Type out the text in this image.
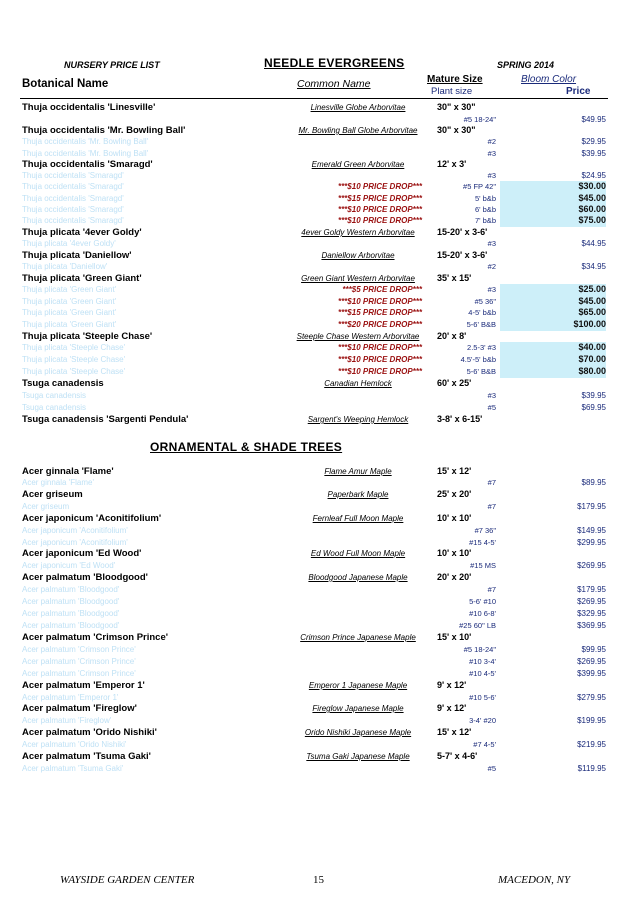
NURSERY PRICE LIST	NEEDLE EVERGREENS	SPRING 2014
Botanical Name	Common Name	Mature Size	Bloom Color
Plant size	Price
Thuja occidentalis 'Linesville'	Linesville Globe Arborvitae	30" x 30"
#5 18-24"	$49.95
Thuja occidentalis 'Mr. Bowling Ball'	Mr. Bowling Ball Globe Arborvitae	30" x 30"
Thuja occidentalis 'Mr. Bowling Ball'	#2	$29.95
Thuja occidentalis 'Mr. Bowling Ball'	#3	$39.95
Thuja occidentalis 'Smaragd'	Emerald Green Arborvitae	12' x 3'
Thuja occidentalis 'Smaragd'	#3	$24.95
Thuja occidentalis 'Smaragd'	***$10 PRICE DROP***	#5 FP 42"	$30.00
Thuja occidentalis 'Smaragd'	***$15 PRICE DROP***	5' b&b	$45.00
Thuja occidentalis 'Smaragd'	***$10 PRICE DROP***	6' b&b	$60.00
Thuja occidentalis 'Smaragd'	***$10 PRICE DROP***	7' b&b	$75.00
Thuja plicata '4ever Goldy'	4ever Goldy Western Arborvitae	15-20' x 3-6'
Thuja plicata '4ever Goldy'	#3	$44.95
Thuja plicata 'Daniellow'	Daniellow Arborvitae	15-20' x 3-6'
Thuja plicata 'Daniellow'	#2	$34.95
Thuja plicata 'Green Giant'	Green Giant Western Arborvitae	35' x 15'
Thuja plicata 'Green Giant'	***$5 PRICE DROP***	#3	$25.00
Thuja plicata 'Green Giant'	***$10 PRICE DROP***	#5 36"	$45.00
Thuja plicata 'Green Giant'	***$15 PRICE DROP***	4-5' b&b	$65.00
Thuja plicata 'Green Giant'	***$20 PRICE DROP***	5-6' B&B	$100.00
Thuja plicata 'Steeple Chase'	Steeple Chase Western Arborvitae	20' x 8'
Thuja plicata 'Steeple Chase'	***$10 PRICE DROP***	2.5-3' #3	$40.00
Thuja plicata 'Steeple Chase'	***$10 PRICE DROP***	4.5'-5' b&b	$70.00
Thuja plicata 'Steeple Chase'	***$10 PRICE DROP***	5-6' B&B	$80.00
Tsuga canadensis	Canadian Hemlock	60' x 25'
Tsuga canadensis	#3	$39.95
Tsuga canadensis	#5	$69.95
Tsuga canadensis 'Sargenti Pendula'	Sargent's Weeping Hemlock	3-8' x 6-15'
Acer ginnala 'Flame'	Flame Amur Maple	15' x 12'
Acer ginnala 'Flame'	#7	$89.95
Acer griseum	Paperbark Maple	25' x 20'
Acer griseum	#7	$179.95
Acer japonicum 'Aconitifolium'	Fernleaf Full Moon Maple	10' x 10'
Acer japonicum 'Aconitifolium'	#7 36"	$149.95
Acer japonicum 'Aconitifolium'	#15 4-5'	$299.95
Acer japonicum 'Ed Wood'	Ed Wood Full Moon Maple	10' x 10'
Acer japonicum 'Ed Wood'	#15 MS	$269.95
Acer palmatum 'Bloodgood'	Bloodgood Japanese Maple	20' x 20'
Acer palmatum 'Bloodgood'	#7	$179.95
Acer palmatum 'Bloodgood'	5-6' #10	$269.95
Acer palmatum 'Bloodgood'	#10 6-8'	$329.95
Acer palmatum 'Bloodgood'	#25 60" LB	$369.95
Acer palmatum 'Crimson Prince'	Crimson Prince Japanese Maple	15' x 10'
Acer palmatum 'Crimson Prince'	#5 18-24"	$99.95
Acer palmatum 'Crimson Prince'	#10 3-4'	$269.95
Acer palmatum 'Crimson Prince'	#10 4-5'	$399.95
Acer palmatum 'Emperor 1'	Emperor 1 Japanese Maple	9' x 12'
Acer palmatum 'Emperor 1'	#10 5-6'	$279.95
Acer palmatum 'Fireglow'	Fireglow Japanese Maple	9' x 12'
Acer palmatum 'Fireglow'	3-4' #20	$199.95
Acer palmatum 'Orido Nishiki'	Orido Nishiki Japanese Maple	15' x 12'
Acer palmatum 'Orido Nishiki'	#7 4-5'	$219.95
Acer palmatum 'Tsuma Gaki'	Tsuma Gaki Japanese Maple	5-7' x 4-6'
Acer palmatum 'Tsuma Gaki'	#5	$119.95
ORNAMENTAL & SHADE TREES
WAYSIDE GARDEN CENTER	15	MACEDON, NY
